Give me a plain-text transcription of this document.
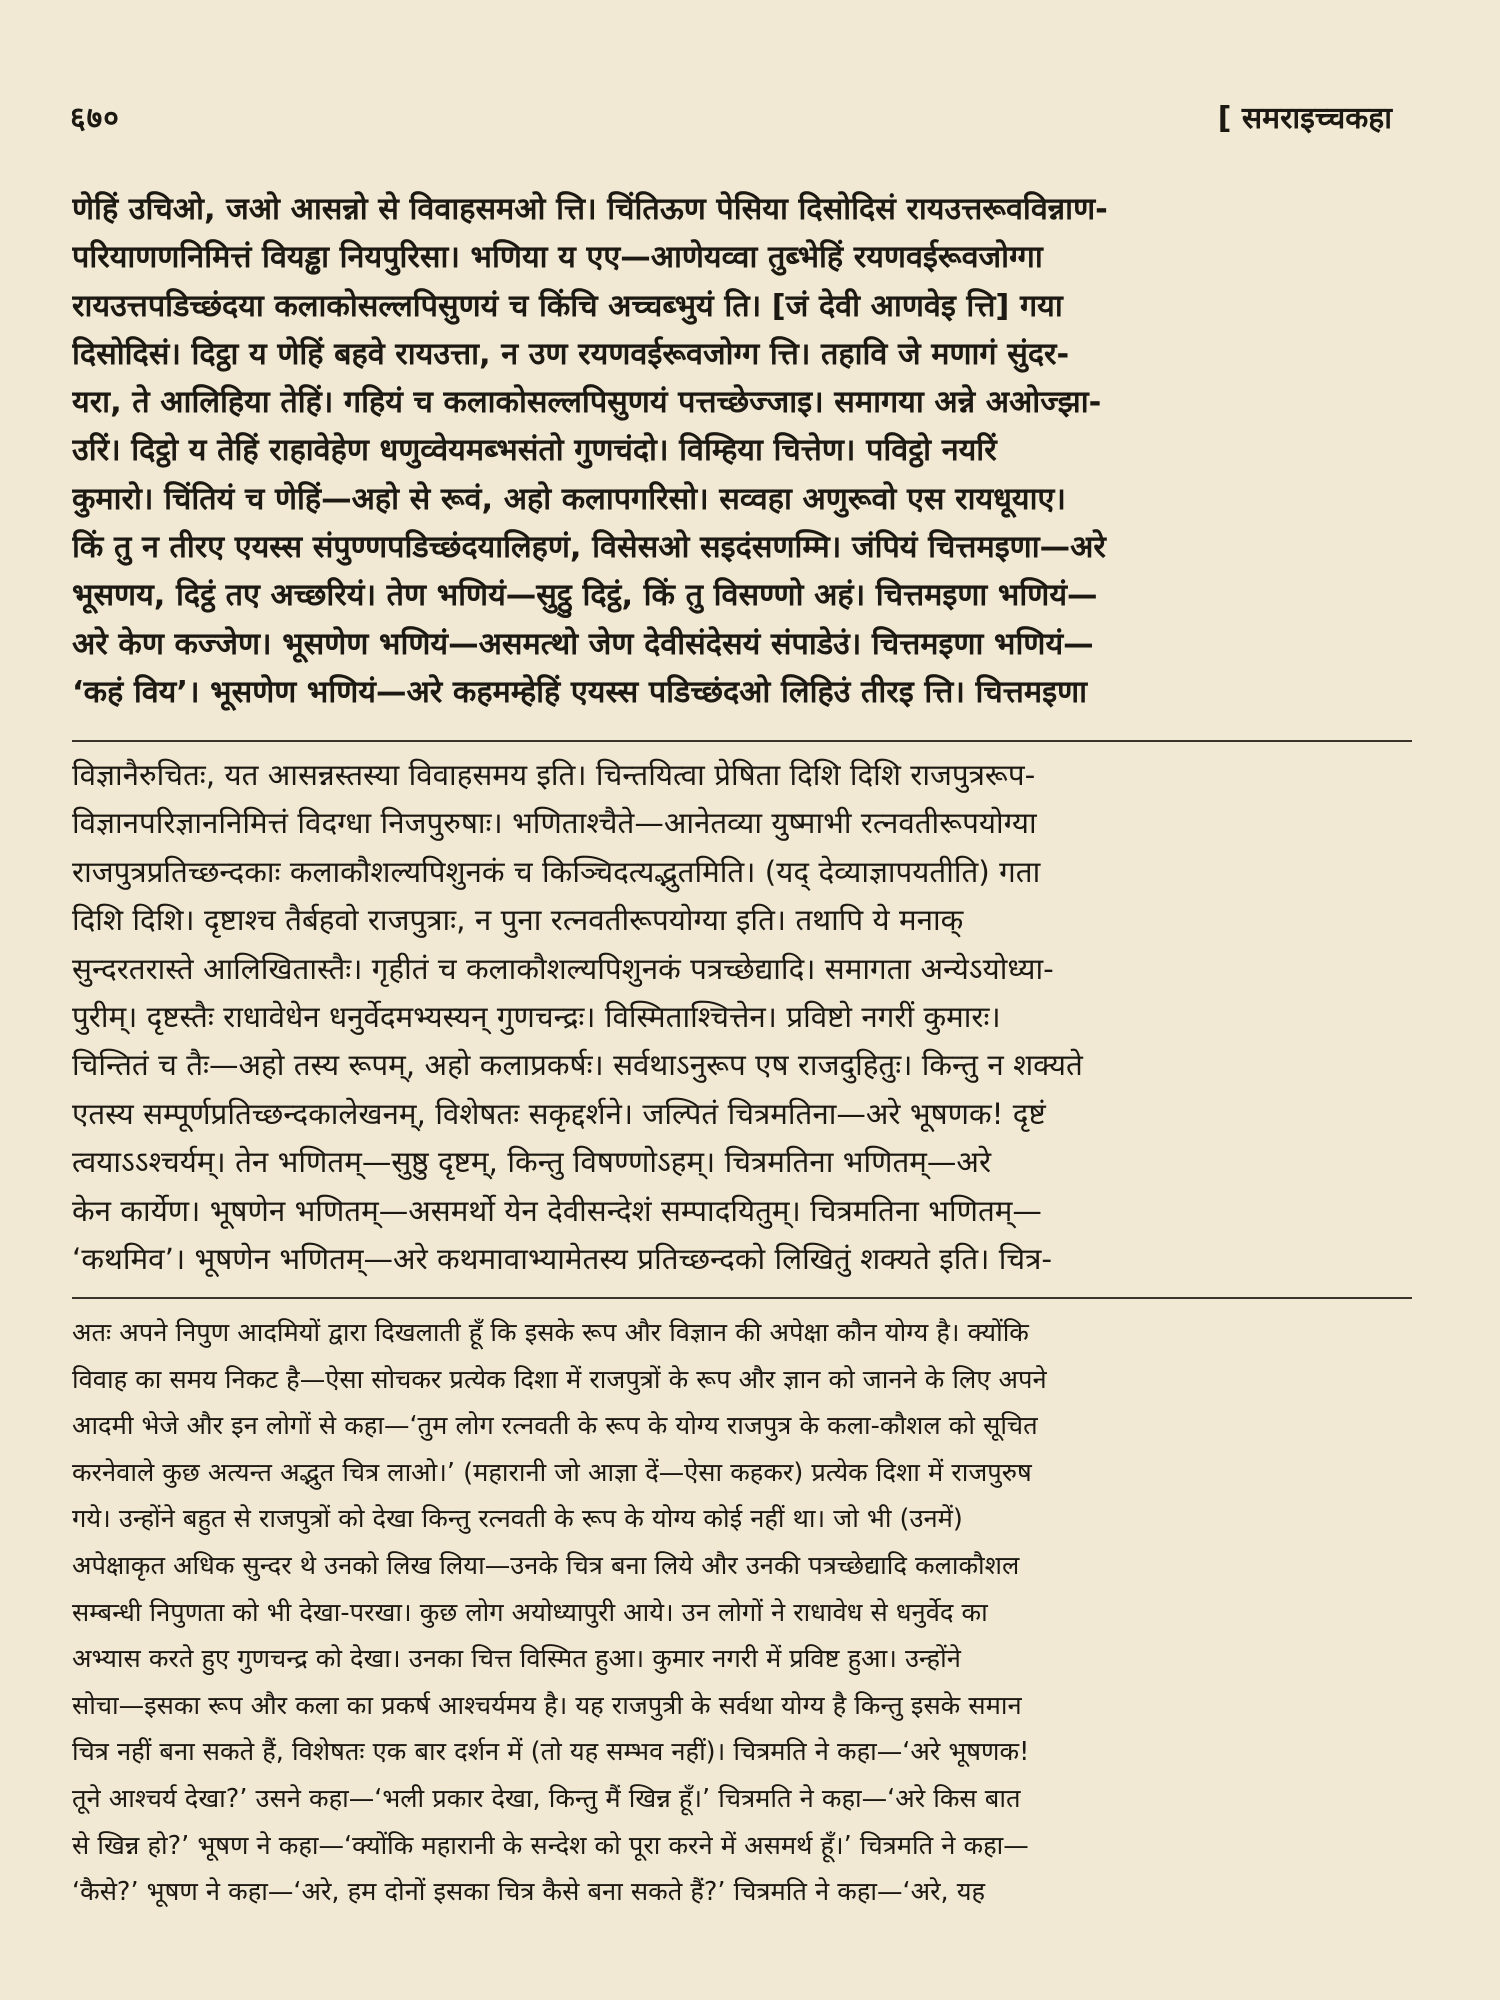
६७०	[ समराइच्चकहा
णेहिं उचिओ, जओ आसन्नो से विवाहसमओ त्ति। चिंतिऊण पेसिया दिसोदिसं रायउत्तरूवविन्नाण-
परियाणणनिमित्तं वियड्ढा नियपुरिसा। भणिया य एए—आणेयव्वा तुब्भेहिं रयणवईरूवजोग्गा
रायउत्तपडिच्छंदया कलाकोसल्लपिसुणयं च किंचि अच्चब्भुयं ति। [जं देवी आणवेइ त्ति] गया
दिसोदिसं। दिट्ठा य णेहिं बहवे रायउत्ता, न उण रयणवईरूवजोग्ग त्ति। तहावि जे मणागं सुंदर-
यरा, ते आलिहिया तेहिं। गहियं च कलाकोसल्लपिसुणयं पत्तच्छेज्जाइ। समागया अन्ने अओज्झा-
उरिं। दिट्ठो य तेहिं राहावेहेण धणुव्वेयमब्भसंतो गुणचंदो। विम्हिया चित्तेण। पविट्ठो नयरिं
कुमारो। चिंतियं च णेहिं—अहो से रूवं, अहो कलापगरिसो। सव्वहा अणुरूवो एस रायधूयाए।
किं तु न तीरए एयस्स संपुण्णपडिच्छंदयालिहणं, विसेसओ सइदंसणम्मि। जंपियं चित्तमइणा—अरे
भूसणय, दिट्ठं तए अच्छरियं। तेण भणियं—सुट्ठु दिट्ठं, किं तु विसण्णो अहं। चित्तमइणा भणियं—
अरे केण कज्जेण। भूसणेण भणियं—असमत्थो जेण देवीसंदेसयं संपाडेउं। चित्तमइणा भणियं—
‘कहं विय’। भूसणेण भणियं—अरे कहमम्हेहिं एयस्स पडिच्छंदओ लिहिउं तीरइ त्ति। चित्तमइणा
विज्ञानैरुचितः, यत आसन्नस्तस्या विवाहसमय इति। चिन्तयित्वा प्रेषिता दिशि दिशि राजपुत्ररूप-
विज्ञानपरिज्ञाननिमित्तं विदग्धा निजपुरुषाः। भणिताश्चैते—आनेतव्या युष्माभी रत्नवतीरूपयोग्या
राजपुत्रप्रतिच्छन्दकाः कलाकौशल्यपिशुनकं च किञ्चिदत्यद्भुतमिति। (यद् देव्याज्ञापयतीति) गता
दिशि दिशि। दृष्टाश्च तैर्बहवो राजपुत्राः, न पुना रत्नवतीरूपयोग्या इति। तथापि ये मनाक्
सुन्दरतरास्ते आलिखितास्तैः। गृहीतं च कलाकौशल्यपिशुनकं पत्रच्छेद्यादि। समागता अन्येऽयोध्या-
पुरीम्। दृष्टस्तैः राधावेधेन धनुर्वेदमभ्यस्यन् गुणचन्द्रः। विस्मिताश्चित्तेन। प्रविष्टो नगरीं कुमारः।
चिन्तितं च तैः—अहो तस्य रूपम्, अहो कलाप्रकर्षः। सर्वथाऽनुरूप एष राजदुहितुः। किन्तु न शक्यते
एतस्य सम्पूर्णप्रतिच्छन्दकालेखनम्, विशेषतः सकृद्दर्शने। जल्पितं चित्रमतिना—अरे भूषणक! दृष्टं
त्वयाऽऽश्चर्यम्। तेन भणितम्—सुष्ठु दृष्टम्, किन्तु विषण्णोऽहम्। चित्रमतिना भणितम्—अरे
केन कार्येण। भूषणेन भणितम्—असमर्थो येन देवीसन्देशं सम्पादयितुम्। चित्रमतिना भणितम्—
‘कथमिव’। भूषणेन भणितम्—अरे कथमावाभ्यामेतस्य प्रतिच्छन्दको लिखितुं शक्यते इति। चित्र-
अतः अपने निपुण आदमियों द्वारा दिखलाती हूँ कि इसके रूप और विज्ञान की अपेक्षा कौन योग्य है। क्योंकि
विवाह का समय निकट है—ऐसा सोचकर प्रत्येक दिशा में राजपुत्रों के रूप और ज्ञान को जानने के लिए अपने
आदमी भेजे और इन लोगों से कहा—‘तुम लोग रत्नवती के रूप के योग्य राजपुत्र के कला-कौशल को सूचित
करनेवाले कुछ अत्यन्त अद्भुत चित्र लाओ।’ (महारानी जो आज्ञा दें—ऐसा कहकर) प्रत्येक दिशा में राजपुरुष
गये। उन्होंने बहुत से राजपुत्रों को देखा किन्तु रत्नवती के रूप के योग्य कोई नहीं था। जो भी (उनमें)
अपेक्षाकृत अधिक सुन्दर थे उनको लिख लिया—उनके चित्र बना लिये और उनकी पत्रच्छेद्यादि कलाकौशल
सम्बन्धी निपुणता को भी देखा-परखा। कुछ लोग अयोध्यापुरी आये। उन लोगों ने राधावेध से धनुर्वेद का
अभ्यास करते हुए गुणचन्द्र को देखा। उनका चित्त विस्मित हुआ। कुमार नगरी में प्रविष्ट हुआ। उन्होंने
सोचा—इसका रूप और कला का प्रकर्ष आश्चर्यमय है। यह राजपुत्री के सर्वथा योग्य है किन्तु इसके समान
चित्र नहीं बना सकते हैं, विशेषतः एक बार दर्शन में (तो यह सम्भव नहीं)। चित्रमति ने कहा—‘अरे भूषणक!
तूने आश्चर्य देखा?’ उसने कहा—‘भली प्रकार देखा, किन्तु मैं खिन्न हूँ।’ चित्रमति ने कहा—‘अरे किस बात
से खिन्न हो?’ भूषण ने कहा—‘क्योंकि महारानी के सन्देश को पूरा करने में असमर्थ हूँ।’ चित्रमति ने कहा—
‘कैसे?’ भूषण ने कहा—‘अरे, हम दोनों इसका चित्र कैसे बना सकते हैं?’ चित्रमति ने कहा—‘अरे, यह
